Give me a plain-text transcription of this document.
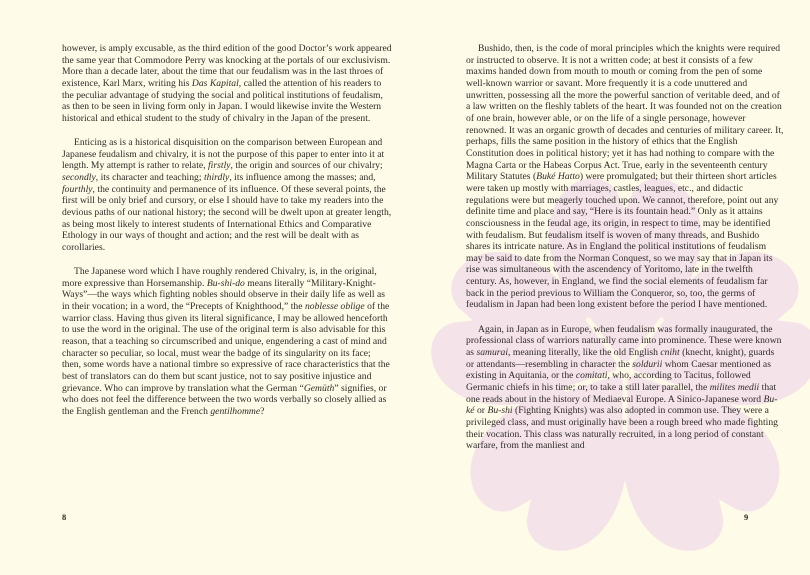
however, is amply excusable, as the third edition of the good Doctor’s work appeared the same year that Commodore Perry was knocking at the portals of our exclusivism. More than a decade later, about the time that our feudalism was in the last throes of existence, Karl Marx, writing his Das Kapital, called the attention of his readers to the peculiar advantage of studying the social and political institutions of feudalism, as then to be seen in living form only in Japan. I would likewise invite the Western historical and ethical student to the study of chivalry in the Japan of the present.

Enticing as is a historical disquisition on the comparison between European and Japanese feudalism and chivalry, it is not the purpose of this paper to enter into it at length. My attempt is rather to relate, firstly, the origin and sources of our chivalry; secondly, its character and teaching; thirdly, its influence among the masses; and, fourthly, the continuity and permanence of its influence. Of these several points, the first will be only brief and cursory, or else I should have to take my readers into the devious paths of our national history; the second will be dwelt upon at greater length, as being most likely to interest students of International Ethics and Comparative Ethology in our ways of thought and action; and the rest will be dealt with as corollaries.

The Japanese word which I have roughly rendered Chivalry, is, in the original, more expressive than Horsemanship. Bu-shi-do means literally “Military-Knight-Ways”—the ways which fighting nobles should observe in their daily life as well as in their vocation; in a word, the “Precepts of Knighthood,” the noblesse oblige of the warrior class. Having thus given its literal significance, I may be allowed henceforth to use the word in the original. The use of the original term is also advisable for this reason, that a teaching so circumscribed and unique, engendering a cast of mind and character so peculiar, so local, must wear the badge of its singularity on its face; then, some words have a national timbre so expressive of race characteristics that the best of translators can do them but scant justice, not to say positive injustice and grievance. Who can improve by translation what the German “Gemüth” signifies, or who does not feel the difference between the two words verbally so closely allied as the English gentleman and the French gentilhomme?

8

Bushido, then, is the code of moral principles which the knights were required or instructed to observe. It is not a written code; at best it consists of a few maxims handed down from mouth to mouth or coming from the pen of some well-known warrior or savant. More frequently it is a code unuttered and unwritten, possessing all the more the powerful sanction of veritable deed, and of a law written on the fleshly tablets of the heart. It was founded not on the creation of one brain, however able, or on the life of a single personage, however renowned. It was an organic growth of decades and centuries of military career. It, perhaps, fills the same position in the history of ethics that the English Constitution does in political history; yet it has had nothing to compare with the Magna Carta or the Habeas Corpus Act. True, early in the seventeenth century Military Statutes (Buké Hatto) were promulgated; but their thirteen short articles were taken up mostly with marriages, castles, leagues, etc., and didactic regulations were but meagerly touched upon. We cannot, therefore, point out any definite time and place and say, “Here is its fountain head.” Only as it attains consciousness in the feudal age, its origin, in respect to time, may be identified with feudalism. But feudalism itself is woven of many threads, and Bushido shares its intricate nature. As in England the political institutions of feudalism may be said to date from the Norman Conquest, so we may say that in Japan its rise was simultaneous with the ascendency of Yoritomo, late in the twelfth century. As, however, in England, we find the social elements of feudalism far back in the period previous to William the Conqueror, so, too, the germs of feudalism in Japan had been long existent before the period I have mentioned.

Again, in Japan as in Europe, when feudalism was formally inaugurated, the professional class of warriors naturally came into prominence. These were known as samurai, meaning literally, like the old English cniht (knecht, knight), guards or attendants—resembling in character the soldurii whom Caesar mentioned as existing in Aquitania, or the comitati, who, according to Tacitus, followed Germanic chiefs in his time; or, to take a still later parallel, the milites medii that one reads about in the history of Mediaeval Europe. A Sinico-Japanese word Bu-ké or Bu-shi (Fighting Knights) was also adopted in common use. They were a privileged class, and must originally have been a rough breed who made fighting their vocation. This class was naturally recruited, in a long period of constant warfare, from the manliest and

9
